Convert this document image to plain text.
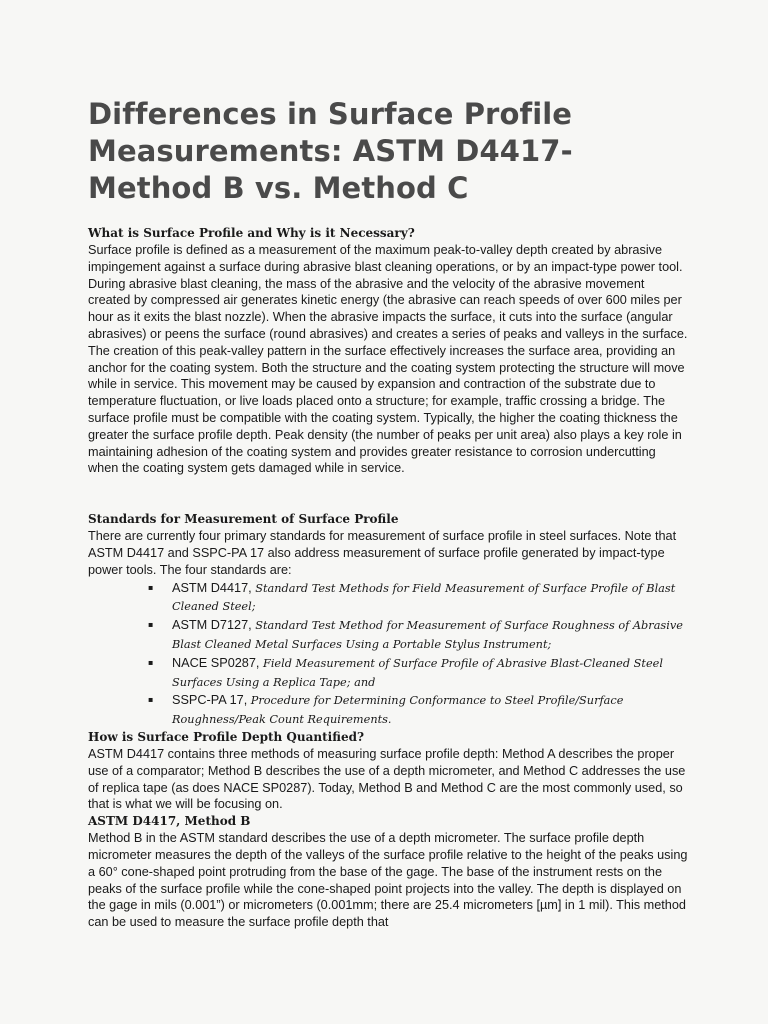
Differences in Surface Profile Measurements: ASTM D4417- Method B vs. Method C
What is Surface Profile and Why is it Necessary?

Surface profile is defined as a measurement of the maximum peak-to-valley depth created by abrasive impingement against a surface during abrasive blast cleaning operations, or by an impact-type power tool. During abrasive blast cleaning, the mass of the abrasive and the velocity of the abrasive movement created by compressed air generates kinetic energy (the abrasive can reach speeds of over 600 miles per hour as it exits the blast nozzle). When the abrasive impacts the surface, it cuts into the surface (angular abrasives) or peens the surface (round abrasives) and creates a series of peaks and valleys in the surface.

The creation of this peak-valley pattern in the surface effectively increases the surface area, providing an anchor for the coating system. Both the structure and the coating system protecting the structure will move while in service. This movement may be caused by expansion and contraction of the substrate due to temperature fluctuation, or live loads placed onto a structure; for example, traffic crossing a bridge. The surface profile must be compatible with the coating system. Typically, the higher the coating thickness the greater the surface profile depth. Peak density (the number of peaks per unit area) also plays a key role in maintaining adhesion of the coating system and provides greater resistance to corrosion undercutting when the coating system gets damaged while in service.

Standards for Measurement of Surface Profile

There are currently four primary standards for measurement of surface profile in steel surfaces. Note that ASTM D4417 and SSPC-PA 17 also address measurement of surface profile generated by impact-type power tools. The four standards are:

▪ ASTM D4417, Standard Test Methods for Field Measurement of Surface Profile of Blast Cleaned Steel;
▪ ASTM D7127, Standard Test Method for Measurement of Surface Roughness of Abrasive Blast Cleaned Metal Surfaces Using a Portable Stylus Instrument;
▪ NACE SP0287, Field Measurement of Surface Profile of Abrasive Blast-Cleaned Steel Surfaces Using a Replica Tape; and
▪ SSPC-PA 17, Procedure for Determining Conformance to Steel Profile/Surface Roughness/Peak Count Requirements.
How is Surface Profile Depth Quantified?

ASTM D4417 contains three methods of measuring surface profile depth: Method A describes the proper use of a comparator; Method B describes the use of a depth micrometer, and Method C addresses the use of replica tape (as does NACE SP0287). Today, Method B and Method C are the most commonly used, so that is what we will be focusing on.

ASTM D4417, Method B

Method B in the ASTM standard describes the use of a depth micrometer. The surface profile depth micrometer measures the depth of the valleys of the surface profile relative to the height of the peaks using a 60° cone-shaped point protruding from the base of the gage. The base of the instrument rests on the peaks of the surface profile while the cone-shaped point projects into the valley. The depth is displayed on the gage in mils (0.001”) or micrometers (0.001mm; there are 25.4 micrometers [µm] in 1 mil). This method can be used to measure the surface profile depth that
